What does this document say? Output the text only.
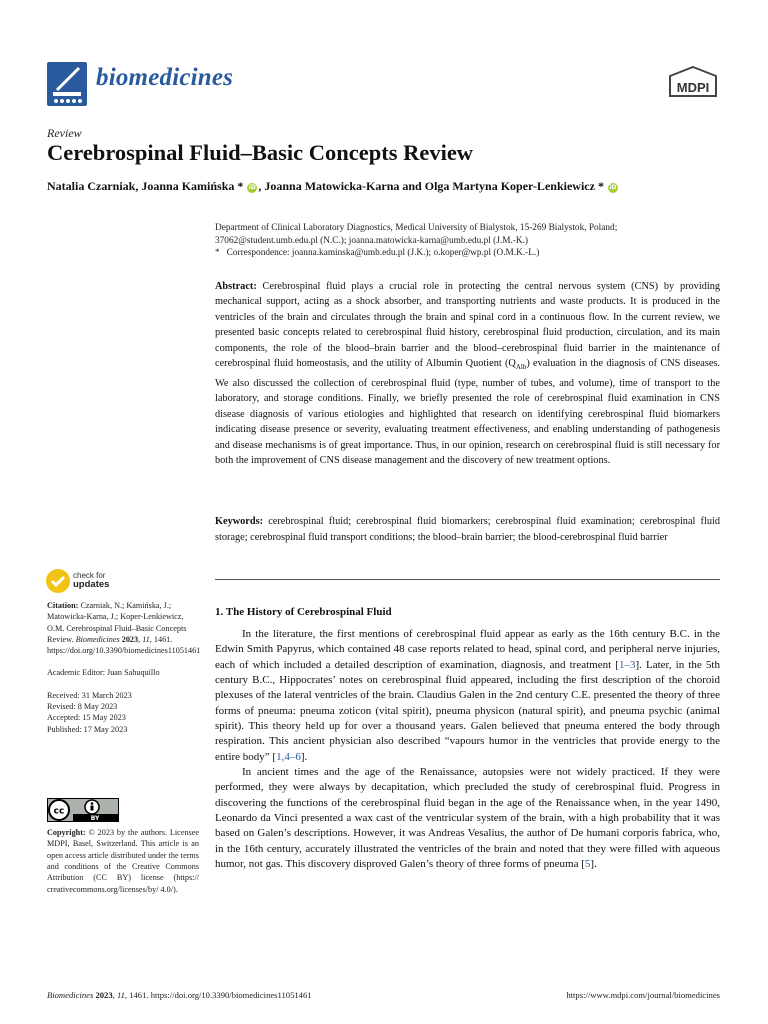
biomedicines	MDPI
Review
Cerebrospinal Fluid–Basic Concepts Review
Natalia Czarniak, Joanna Kamińska * iD , Joanna Matowicka-Karna and Olga Martyna Koper-Lenkiewicz * iD

Department of Clinical Laboratory Diagnostics, Medical University of Bialystok, 15-269 Bialystok, Poland; 37062@student.umb.edu.pl (N.C.); joanna.matowicka-karna@umb.edu.pl (J.M.-K.)

*   Correspondence: joanna.kaminska@umb.edu.pl (J.K.); o.koper@wp.pl (O.M.K.-L.)

Abstract: Cerebrospinal fluid plays a crucial role in protecting the central nervous system (CNS) by providing mechanical support, acting as a shock absorber, and transporting nutrients and waste products. It is produced in the ventricles of the brain and circulates through the brain and spinal cord in a continuous flow. In the current review, we presented basic concepts related to cerebrospinal fluid history, cerebrospinal fluid production, circulation, and its main components, the role of the blood–brain barrier and the blood–cerebrospinal fluid barrier in the maintenance of cerebrospinal fluid homeostasis, and the utility of Albumin Quotient $(Q_{Alb})$ evaluation in the diagnosis of CNS diseases. We also discussed the collection of cerebrospinal fluid (type, number of tubes, and volume), time of transport to the laboratory, and storage conditions. Finally, we briefly presented the role of cerebrospinal fluid examination in CNS disease diagnosis of various etiologies and highlighted that research on identifying cerebrospinal fluid biomarkers indicating disease presence or severity, evaluating treatment effectiveness, and enabling understanding of pathogenesis and disease mechanisms is of great importance. Thus, in our opinion, research on cerebrospinal fluid is still necessary for both the improvement of CNS disease management and the discovery of new treatment options.

Keywords: cerebrospinal fluid; cerebrospinal fluid biomarkers; cerebrospinal fluid examination; cerebrospinal fluid storage; cerebrospinal fluid transport conditions; the blood–brain barrier; the blood-cerebrospinal fluid barrier

check for
updates

Citation: Czarniak, N.; Kamińska, J.; Matowicka-Karna, J.; Koper-Lenkiewicz, O.M. Cerebrospinal Fluid–Basic Concepts Review. Biomedicines 2023, 11, 1461. https://doi.org/10.3390/biomedicines11051461

Academic Editor: Juan Sahuquillo

Received: 31 March 2023

Revised: 8 May 2023

Accepted: 15 May 2023

Published: 17 May 2023

cc
BY

Copyright: © 2023 by the authors. Licensee MDPI, Basel, Switzerland. This article is an open access article distributed under the terms and conditions of the Creative Commons Attribution (CC BY) license (https:// creativecommons.org/licenses/by/ 4.0/).

1. The History of Cerebrospinal Fluid

In the literature, the first mentions of cerebrospinal fluid appear as early as the 16th century B.C. in the Edwin Smith Papyrus, which contained 48 case reports related to head, spinal cord, and peripheral nerve injuries, each of which included a detailed description of examination, diagnosis, and treatment [1–3]. Later, in the 5th century B.C., Hippocrates’ notes on cerebrospinal fluid appeared, including the first description of the choroid plexuses of the lateral ventricles of the brain. Claudius Galen in the 2nd century C.E. presented the theory of three forms of pneuma: pneuma zoticon (vital spirit), pneuma physicon (natural spirit), and pneuma psychic (animal spirit). This theory held up for over a thousand years. Galen believed that pneuma entered the body through respiration. This ancient physician also described “vapours humor in the ventricles that provide energy to the entire body” [1,4–6].

In ancient times and the age of the Renaissance, autopsies were not widely practiced. If they were performed, they were always by decapitation, which precluded the study of cerebrospinal fluid. Progress in discovering the functions of the cerebrospinal fluid began in the age of the Renaissance when, in the year 1490, Leonardo da Vinci presented a wax cast of the ventricular system of the brain, with a high probability that it was based on Galen’s descriptions. However, it was Andreas Vesalius, the author of De humani corporis fabrica, who, in the 16th century, accurately illustrated the ventricles of the brain and noted that they were filled with aqueous humor, not gas. This discovery disproved Galen’s theory of three forms of pneuma [5].

Biomedicines 2023, 11, 1461. https://doi.org/10.3390/biomedicines11051461	https://www.mdpi.com/journal/biomedicines
